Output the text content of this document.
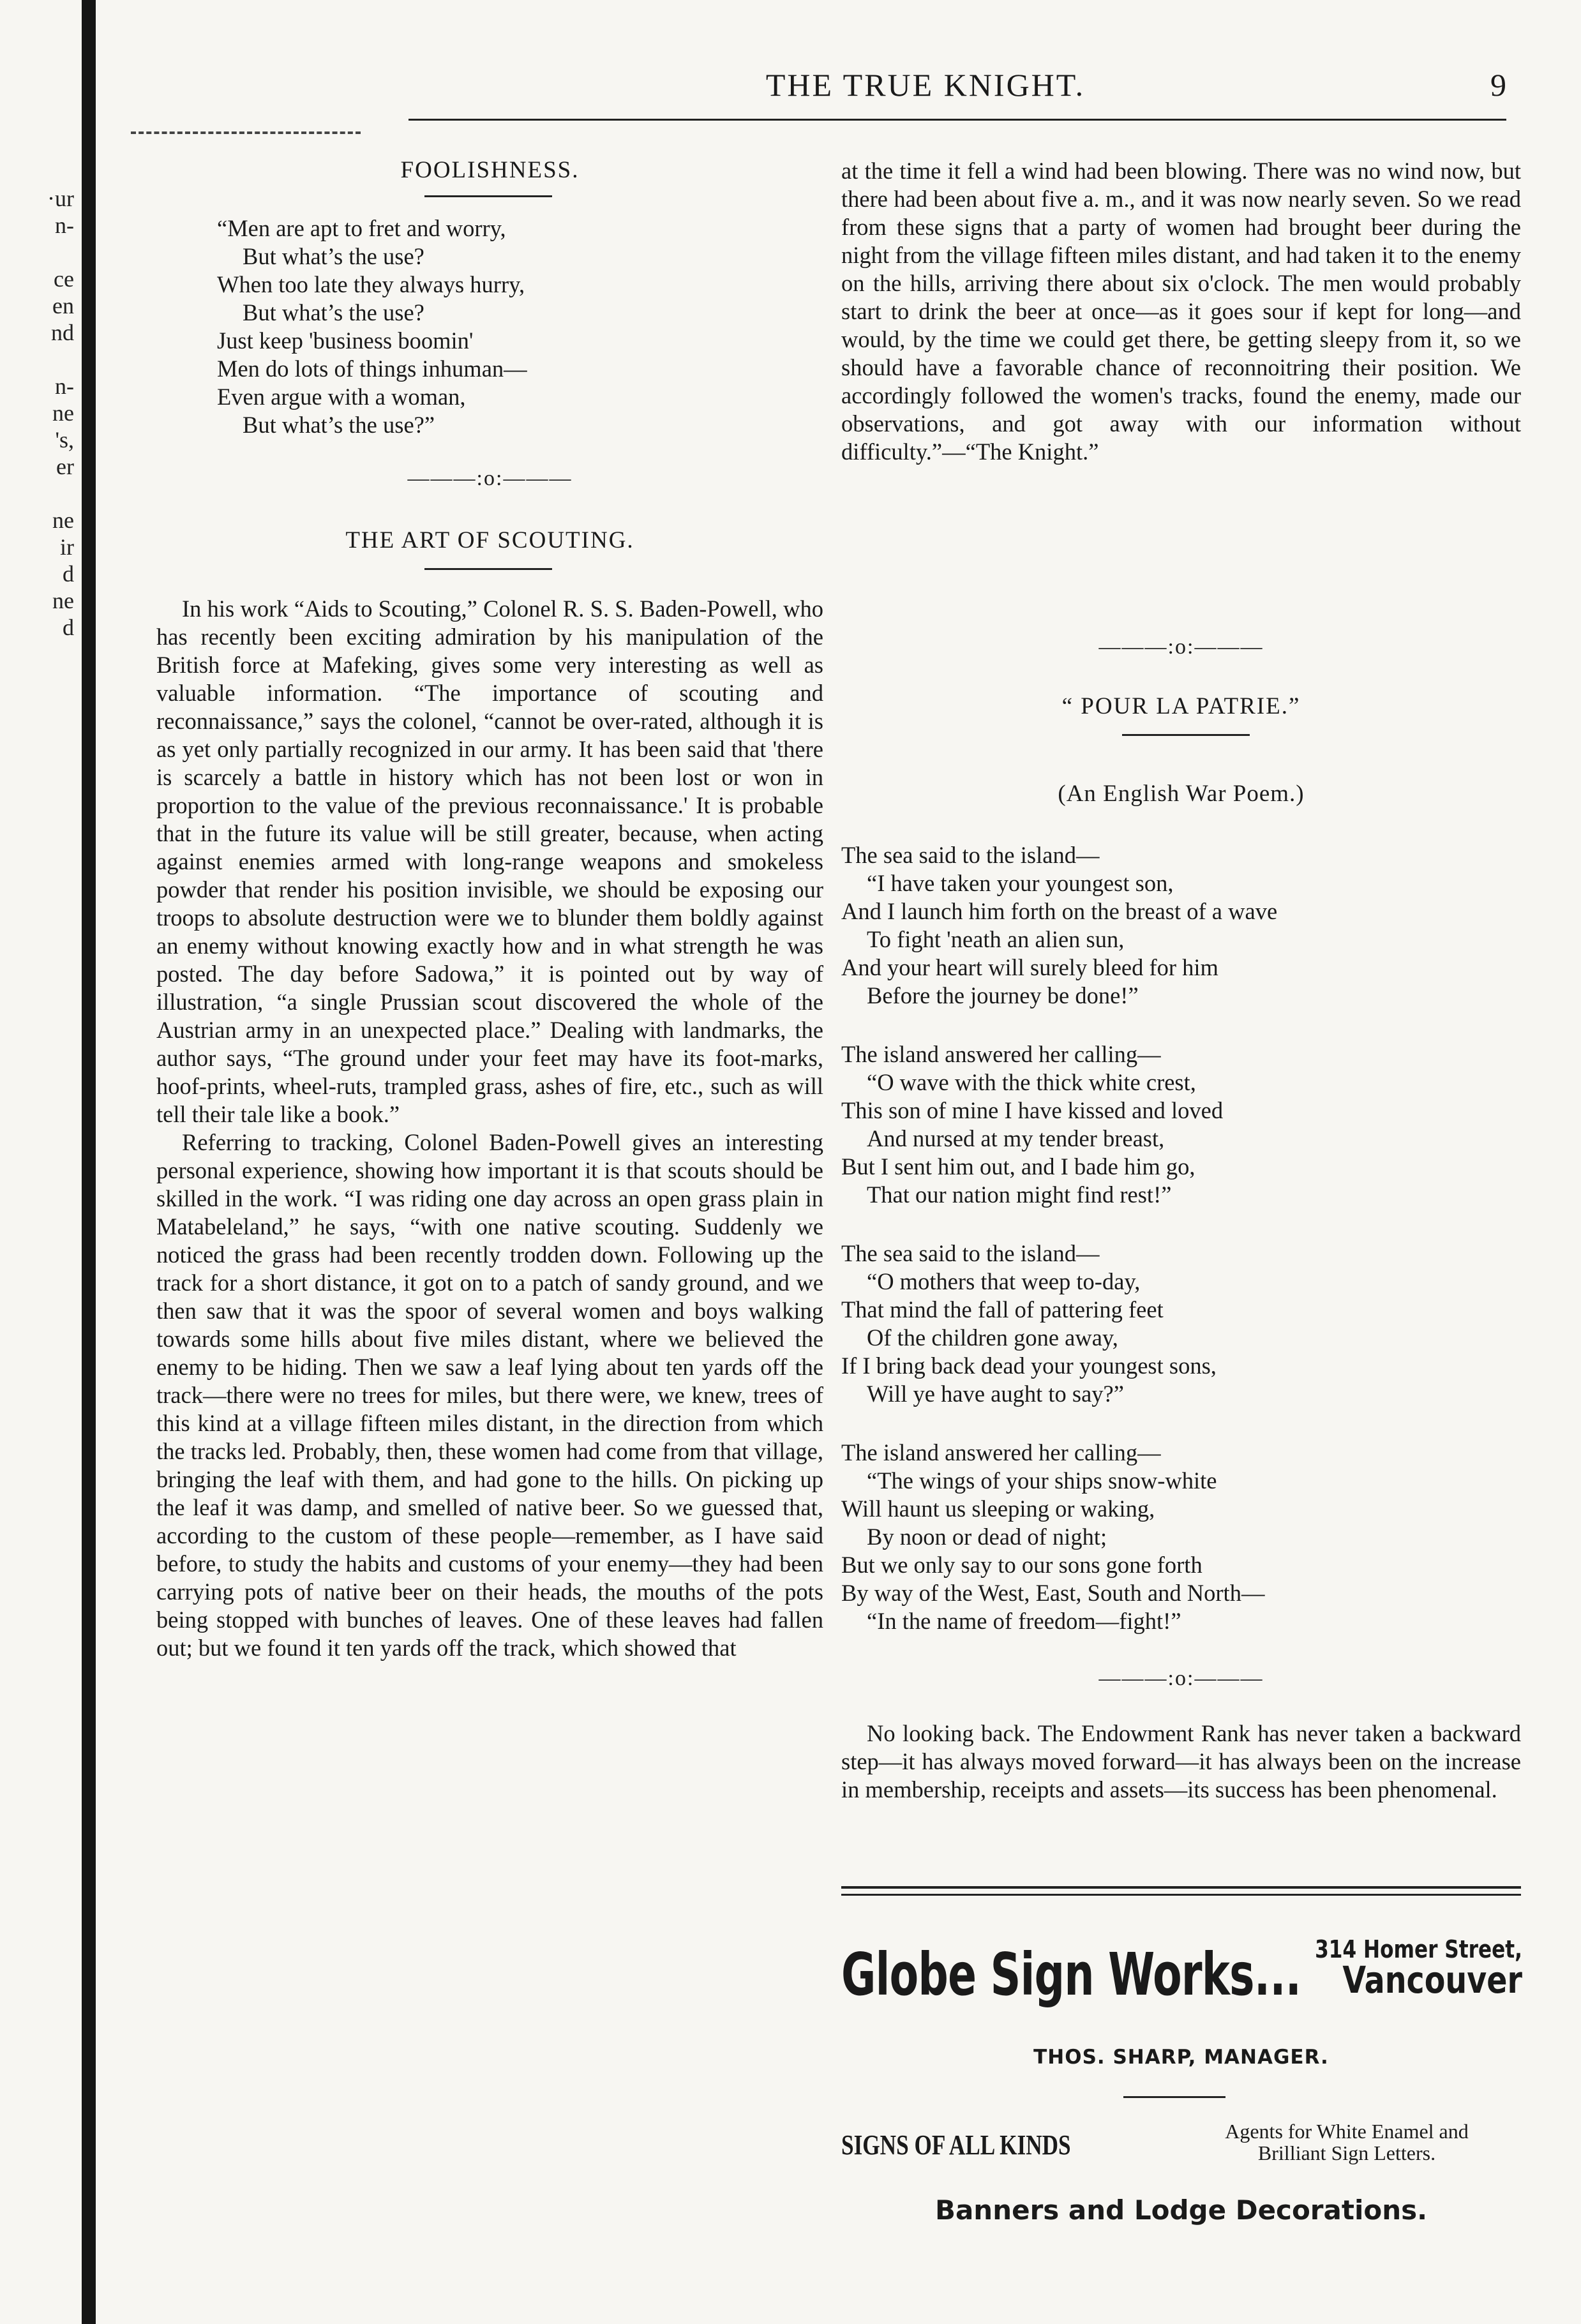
·ur
n-
ce
en
nd
n-
ne
's,
er
ne
ir
d
ne
d
THE TRUE KNIGHT.	9
FOOLISHNESS.
“Men are apt to fret and worry,
But what’s the use?
When too late they always hurry,
But what’s the use?
Just keep 'business boomin'
Men do lots of things inhuman—
Even argue with a woman,
But what’s the use?”
———:o:———
THE ART OF SCOUTING.

In his work “Aids to Scouting,” Colonel R. S. S. Baden-Powell, who has recently been exciting admiration by his manipulation of the British force at Mafeking, gives some very interesting as well as valuable information. “The importance of scouting and reconnaissance,” says the colonel, “cannot be over-rated, although it is as yet only partially recognized in our army. It has been said that 'there is scarcely a battle in history which has not been lost or won in proportion to the value of the previous reconnaissance.' It is probable that in the future its value will be still greater, because, when acting against enemies armed with long-range weapons and smokeless powder that render his position invisible, we should be exposing our troops to absolute destruction were we to blunder them boldly against an enemy without knowing exactly how and in what strength he was posted. The day before Sadowa,” it is pointed out by way of illustration, “a single Prussian scout discovered the whole of the Austrian army in an unexpected place.” Dealing with landmarks, the author says, “The ground under your feet may have its foot-marks, hoof-prints, wheel-ruts, trampled grass, ashes of fire, etc., such as will tell their tale like a book.”

Referring to tracking, Colonel Baden-Powell gives an interesting personal experience, showing how important it is that scouts should be skilled in the work. “I was riding one day across an open grass plain in Matabeleland,” he says, “with one native scouting. Suddenly we noticed the grass had been recently trodden down. Following up the track for a short distance, it got on to a patch of sandy ground, and we then saw that it was the spoor of several women and boys walking towards some hills about five miles distant, where we believed the enemy to be hiding. Then we saw a leaf lying about ten yards off the track—there were no trees for miles, but there were, we knew, trees of this kind at a village fifteen miles distant, in the direction from which the tracks led. Probably, then, these women had come from that village, bringing the leaf with them, and had gone to the hills. On picking up the leaf it was damp, and smelled of native beer. So we guessed that, according to the custom of these people—remember, as I have said before, to study the habits and customs of your enemy—they had been carrying pots of native beer on their heads, the mouths of the pots being stopped with bunches of leaves. One of these leaves had fallen out; but we found it ten yards off the track, which showed that

at the time it fell a wind had been blowing. There was no wind now, but there had been about five a. m., and it was now nearly seven. So we read from these signs that a party of women had brought beer during the night from the village fifteen miles distant, and had taken it to the enemy on the hills, arriving there about six o'clock. The men would probably start to drink the beer at once—as it goes sour if kept for long—and would, by the time we could get there, be getting sleepy from it, so we should have a favorable chance of reconnoitring their position. We accordingly followed the women's tracks, found the enemy, made our observations, and got away with our information without difficulty.”—“The Knight.”

———:o:———
“ POUR LA PATRIE.”
(An English War Poem.)
The sea said to the island—
“I have taken your youngest son,
And I launch him forth on the breast of a wave
To fight 'neath an alien sun,
And your heart will surely bleed for him
Before the journey be done!”
The island answered her calling—
“O wave with the thick white crest,
This son of mine I have kissed and loved
And nursed at my tender breast,
But I sent him out, and I bade him go,
That our nation might find rest!”
The sea said to the island—
“O mothers that weep to-day,
That mind the fall of pattering feet
Of the children gone away,
If I bring back dead your youngest sons,
Will ye have aught to say?”
The island answered her calling—
“The wings of your ships snow-white
Will haunt us sleeping or waking,
By noon or dead of night;
But we only say to our sons gone forth
By way of the West, East, South and North—
“In the name of freedom—fight!”
———:o:———

No looking back. The Endowment Rank has never taken a backward step—it has always moved forward—it has always been on the increase in membership, receipts and assets—its success has been phenomenal.

Globe Sign Works... 314 Homer Street,
Vancouver
THOS. SHARP, MANAGER.
SIGNS OF ALL KINDS	Agents for White Enamel and
Brilliant Sign Letters.
Banners and Lodge Decorations.
